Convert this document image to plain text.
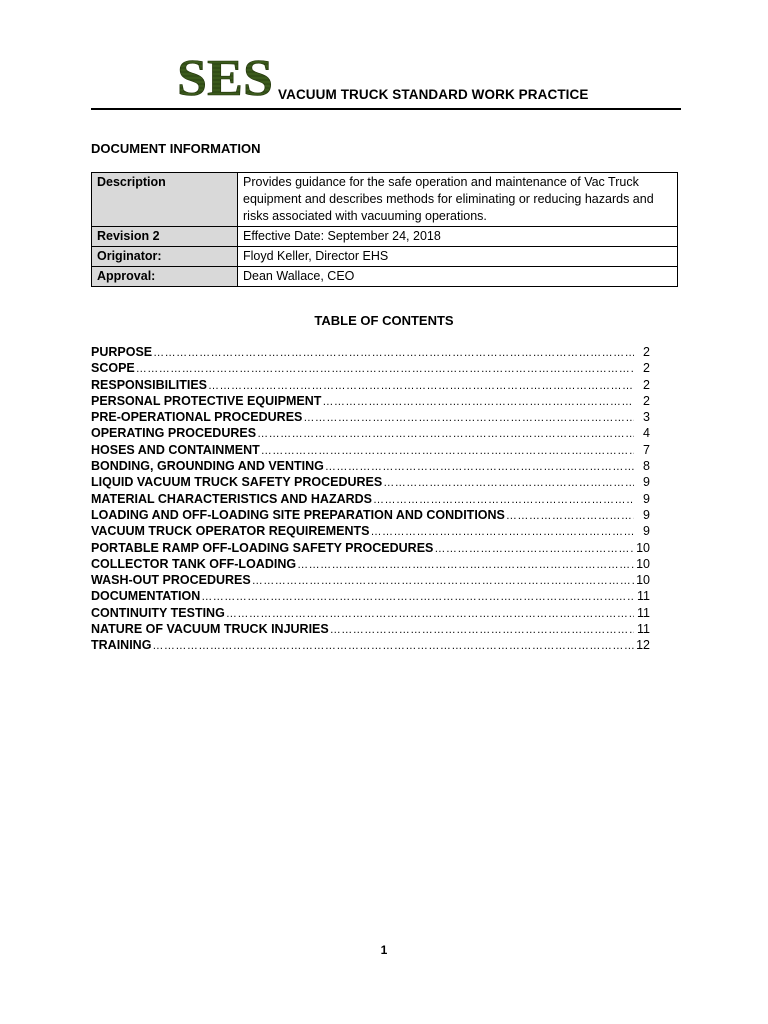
SES VACUUM TRUCK STANDARD WORK PRACTICE
DOCUMENT INFORMATION
Description	Provides guidance for the safe operation and maintenance of Vac Truck equipment and describes methods for eliminating or reducing hazards and risks associated with vacuuming operations.
Revision 2	Effective Date: September 24, 2018
Originator:	Floyd Keller, Director EHS
Approval:	Dean Wallace, CEO
TABLE OF CONTENTS
PURPOSE ……………………………………………………………………………………………………………………………………………………	2
SCOPE ……………………………………………………………………………………………………………………………………………………	2
RESPONSIBILITIES ……………………………………………………………………………………………………………………………………………………	2
PERSONAL PROTECTIVE EQUIPMENT ……………………………………………………………………………………………………………………………………………………	2
PRE-OPERATIONAL PROCEDURES ……………………………………………………………………………………………………………………………………………………	3
OPERATING PROCEDURES ……………………………………………………………………………………………………………………………………………………	4
HOSES AND CONTAINMENT ……………………………………………………………………………………………………………………………………………………	7
BONDING, GROUNDING AND VENTING ……………………………………………………………………………………………………………………………………………………	8
LIQUID VACUUM TRUCK SAFETY PROCEDURES ……………………………………………………………………………………………………………………………………………………	9
MATERIAL CHARACTERISTICS AND HAZARDS ……………………………………………………………………………………………………………………………………………………	9
LOADING AND OFF-LOADING SITE PREPARATION AND CONDITIONS ……………………………………………………………………………………………………………………………………………………	9
VACUUM TRUCK OPERATOR REQUIREMENTS ……………………………………………………………………………………………………………………………………………………	9
PORTABLE RAMP OFF-LOADING SAFETY PROCEDURES ……………………………………………………………………………………………………………………………………………………	10
COLLECTOR TANK OFF-LOADING ……………………………………………………………………………………………………………………………………………………	10
WASH-OUT PROCEDURES ……………………………………………………………………………………………………………………………………………………	10
DOCUMENTATION ……………………………………………………………………………………………………………………………………………………	11
CONTINUITY TESTING ……………………………………………………………………………………………………………………………………………………	11
NATURE OF VACUUM TRUCK INJURIES ……………………………………………………………………………………………………………………………………………………	11
TRAINING ……………………………………………………………………………………………………………………………………………………	12
1
